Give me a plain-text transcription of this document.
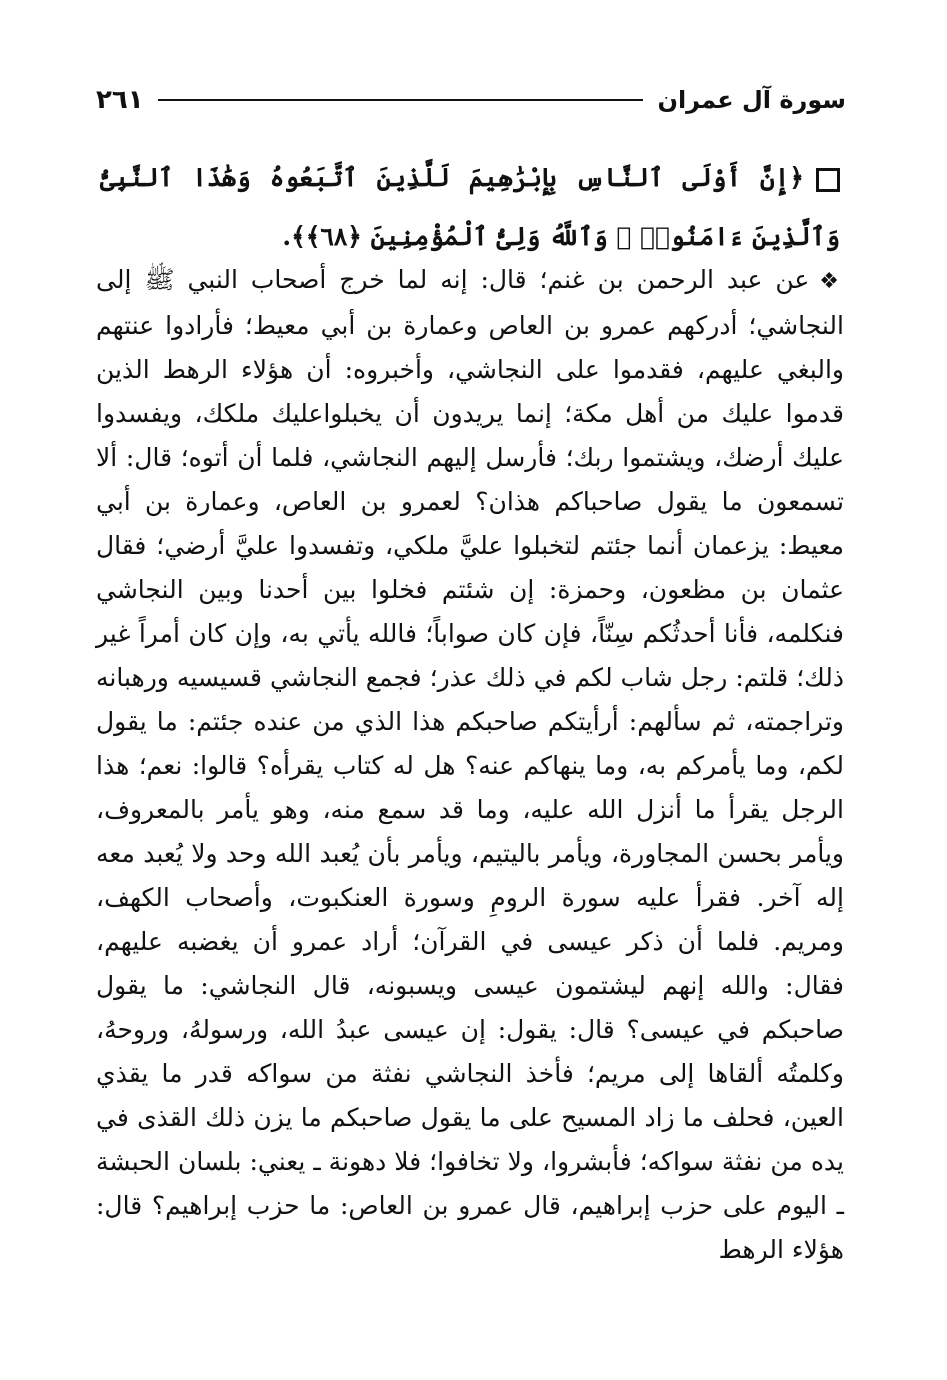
سورة آل عمران
٢٦١
﴿إِنَّ أَوْلَى ٱلنَّاسِ بِإِبْرَٰهِيمَ لَلَّذِينَ ٱتَّبَعُوهُ وَهَٰذَا ٱلنَّبِىُّ وَٱلَّذِينَ ءَامَنُوا۟ ۗ وَٱللَّهُ وَلِىُّ ٱلْمُؤْمِنِينَ ﴿٦٨﴾﴾.
❖عن عبد الرحمن بن غنم؛ قال: إنه لما خرج أصحاب النبي ﷺ إلى النجاشي؛ أدركهم عمرو بن العاص وعمارة بن أبي معيط؛ فأرادوا عنتهم والبغي عليهم، فقدموا على النجاشي، وأخبروه: أن هؤلاء الرهط الذين قدموا عليك من أهل مكة؛ إنما يريدون أن يخبلواعليك ملكك، ويفسدوا عليك أرضك، ويشتموا ربك؛ فأرسل إليهم النجاشي، فلما أن أتوه؛ قال: ألا تسمعون ما يقول صاحباكم هذان؟ لعمرو بن العاص، وعمارة بن أبي معيط: يزعمان أنما جئتم لتخبلوا عليَّ ملكي، وتفسدوا عليَّ أرضي؛ فقال عثمان بن مظعون، وحمزة: إن شئتم فخلوا بين أحدنا وبين النجاشي فنكلمه، فأنا أحدثُكم سِنّاً، فإن كان صواباً؛ فالله يأتي به، وإن كان أمراً غير ذلك؛ قلتم: رجل شاب لكم في ذلك عذر؛ فجمع النجاشي قسيسيه ورهبانه وتراجمته، ثم سألهم: أرأيتكم صاحبكم هذا الذي من عنده جئتم: ما يقول لكم، وما يأمركم به، وما ينهاكم عنه؟ هل له كتاب يقرأه؟ قالوا: نعم؛ هذا الرجل يقرأ ما أنزل الله عليه، وما قد سمع منه، وهو يأمر بالمعروف، ويأمر بحسن المجاورة، ويأمر باليتيم، ويأمر بأن يُعبد الله وحد ولا يُعبد معه إله آخر. فقرأ عليه سورة الرومِ وسورة العنكبوت، وأصحاب الكهف، ومريم. فلما أن ذكر عيسى في القرآن؛ أراد عمرو أن يغضبه عليهم، فقال: والله إنهم ليشتمون عيسى ويسبونه، قال النجاشي: ما يقول صاحبكم في عيسى؟ قال: يقول: إن عيسى عبدُ الله، ورسولهُ، وروحهُ، وكلمتُه ألقاها إلى مريم؛ فأخذ النجاشي نفثة من سواكه قدر ما يقذي العين، فحلف ما زاد المسيح على ما يقول صاحبكم ما يزن ذلك القذى في يده من نفثة سواكه؛ فأبشروا، ولا تخافوا؛ فلا دهونة ـ يعني: بلسان الحبشة ـ اليوم على حزب إبراهيم، قال عمرو بن العاص: ما حزب إبراهيم؟ قال: هؤلاء الرهط
